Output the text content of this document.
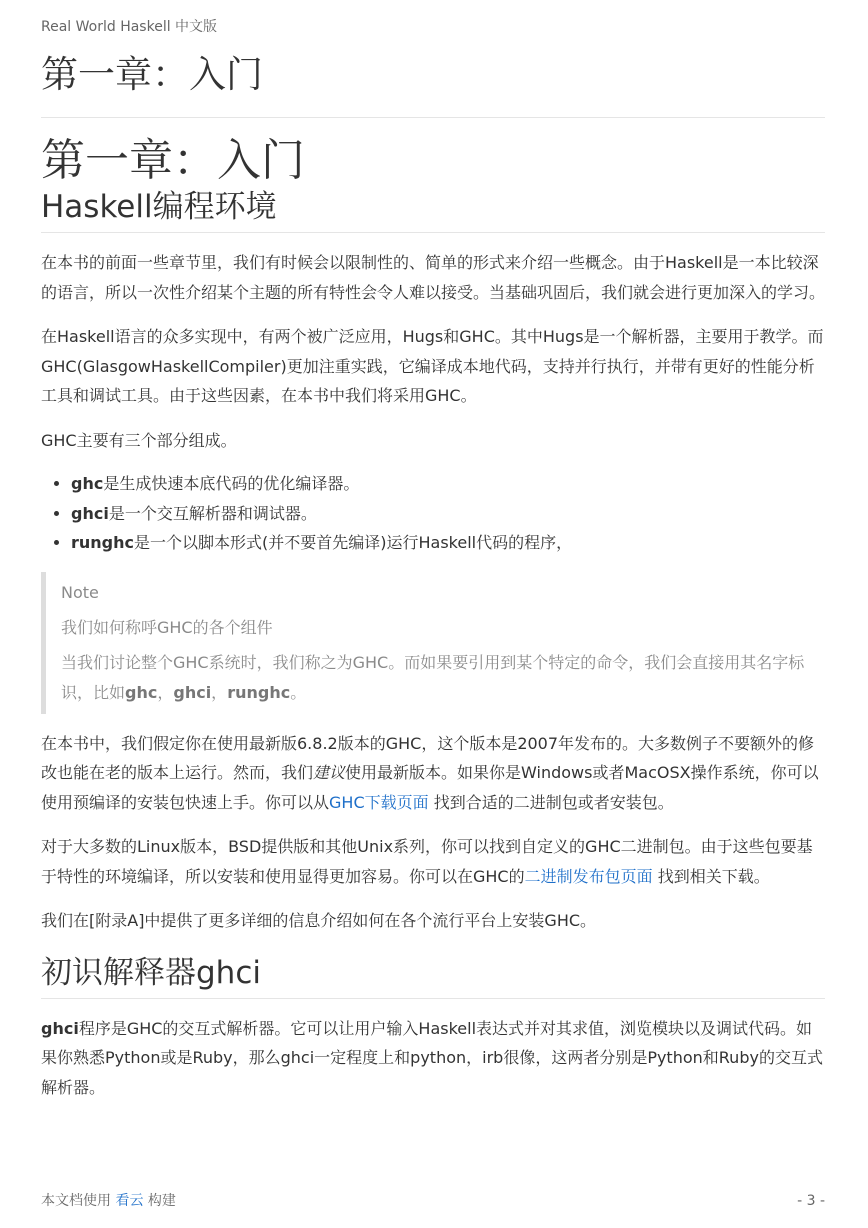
Real World Haskell 中文版
第一章：入门
第一章：入门
Haskell编程环境

在本书的前面一些章节里，我们有时候会以限制性的、简单的形式来介绍一些概念。由于Haskell是一本比较深的语言，所以一次性介绍某个主题的所有特性会令人难以接受。当基础巩固后，我们就会进行更加深入的学习。

在Haskell语言的众多实现中，有两个被广泛应用，Hugs和GHC。其中Hugs是一个解析器，主要用于教学。而GHC(GlasgowHaskellCompiler)更加注重实践，它编译成本地代码，支持并行执行，并带有更好的性能分析工具和调试工具。由于这些因素，在本书中我们将采用GHC。

GHC主要有三个部分组成。

• ghc是生成快速本底代码的优化编译器。
• ghci是一个交互解析器和调试器。
• runghc是一个以脚本形式(并不要首先编译)运行Haskell代码的程序，

Note

我们如何称呼GHC的各个组件

当我们讨论整个GHC系统时，我们称之为GHC。而如果要引用到某个特定的命令，我们会直接用其名字标识，比如ghc，ghci，runghc。

在本书中，我们假定你在使用最新版6.8.2版本的GHC，这个版本是2007年发布的。大多数例子不要额外的修改也能在老的版本上运行。然而，我们建议使用最新版本。如果你是Windows或者MacOSX操作系统，你可以使用预编译的安装包快速上手。你可以从GHC下载页面 找到合适的二进制包或者安装包。

对于大多数的Linux版本，BSD提供版和其他Unix系列，你可以找到自定义的GHC二进制包。由于这些包要基于特性的环境编译，所以安装和使用显得更加容易。你可以在GHC的二进制发布包页面 找到相关下载。

我们在[附录A]中提供了更多详细的信息介绍如何在各个流行平台上安装GHC。

初识解释器ghci

ghci程序是GHC的交互式解析器。它可以让用户输入Haskell表达式并对其求值，浏览模块以及调试代码。如果你熟悉Python或是Ruby，那么ghci一定程度上和python，irb很像，这两者分别是Python和Ruby的交互式解析器。

本文档使用 看云 构建	- 3 -
